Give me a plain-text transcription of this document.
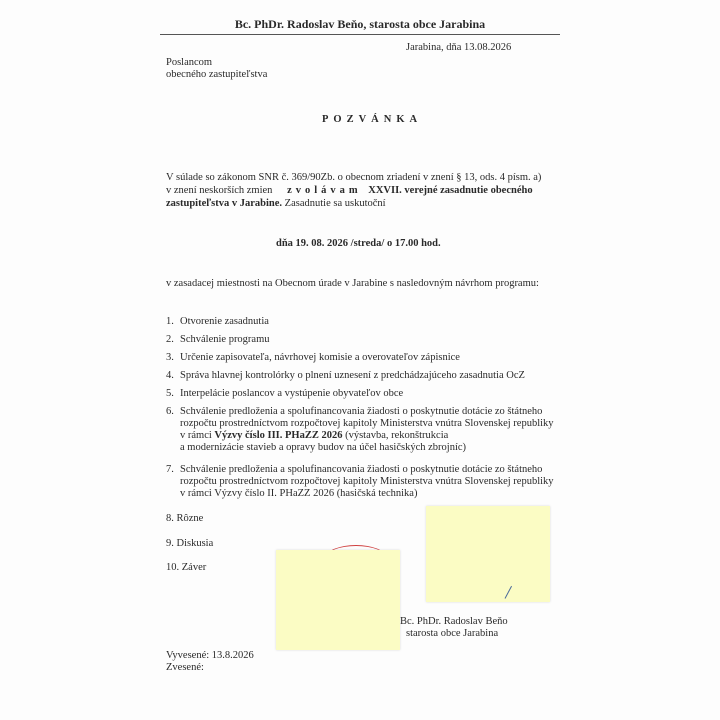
Bc. PhDr. Radoslav Beňo, starosta obce Jarabina
Jarabina, dňa 13.08.2026
Poslancom
obecného zastupiteľstva
POZVÁNKA
V súlade so zákonom SNR č. 369/90Zb. o obecnom zriadení v znení § 13, ods. 4 písm. a)
v znení neskorších zmien zvolávam XXVII. verejné zasadnutie obecného
zastupiteľstva v Jarabine. Zasadnutie sa uskutoční
dňa 19. 08. 2026 /streda/ o 17.00 hod.
v zasadacej miestnosti na Obecnom úrade v Jarabine s nasledovným návrhom programu:
1. Otvorenie zasadnutia
2. Schválenie programu
3. Určenie zapisovateľa, návrhovej komisie a overovateľov zápisnice
4. Správa hlavnej kontrolórky o plnení uznesení z predchádzajúceho zasadnutia OcZ
5. Interpelácie poslancov a vystúpenie obyvateľov obce
6. Schválenie predloženia a spolufinancovania žiadosti o poskytnutie dotácie zo štátneho
rozpočtu prostredníctvom rozpočtovej kapitoly Ministerstva vnútra Slovenskej republiky
v rámci Výzvy číslo III. PHaZZ 2026 (výstavba, rekonštrukcia
a modernizácie stavieb a opravy budov na účel hasičských zbrojníc)
7. Schválenie predloženia a spolufinancovania žiadosti o poskytnutie dotácie zo štátneho
rozpočtu prostredníctvom rozpočtovej kapitoly Ministerstva vnútra Slovenskej republiky
v rámci Výzvy číslo II. PHaZZ 2026 (hasičská technika)
8. Rôzne
9. Diskusia
10. Záver
Bc. PhDr. Radoslav Beňo
starosta obce Jarabina
Vyvesené: 13.8.2026
Zvesené:
